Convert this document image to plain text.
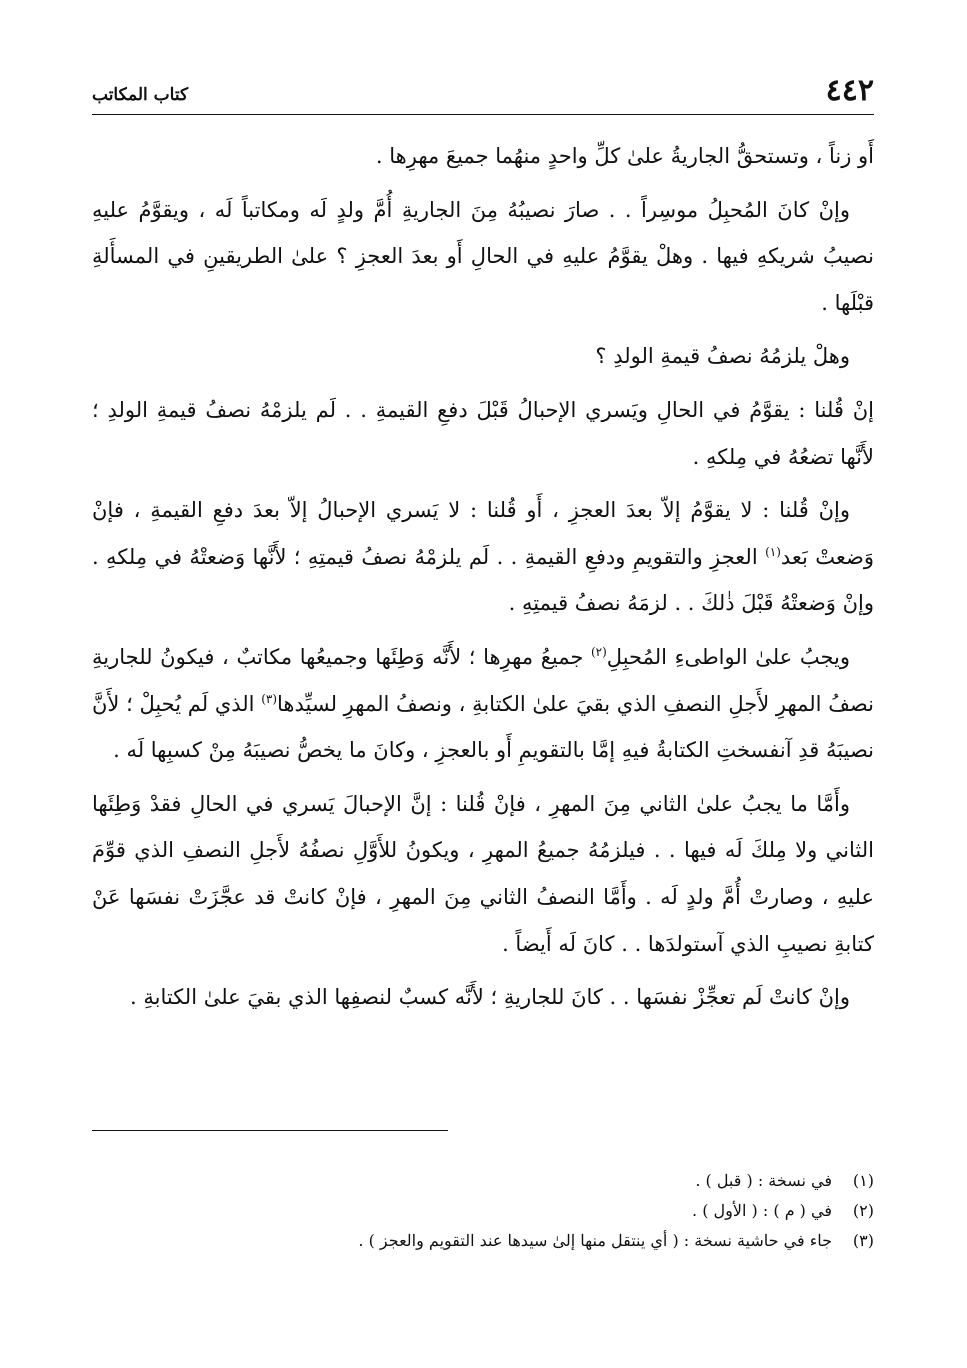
٤٤٢
كتاب المكاتب

أَو زناً ، وتستحقُّ الجاريةُ علىٰ كلِّ واحدٍ منهُما جميعَ مهرِها .

وإنْ كانَ المُحبِلُ موسِراً . . صارَ نصيبُهُ مِنَ الجاريةِ أُمَّ ولدٍ لَه ومكاتباً لَه ، ويقوَّمُ عليهِ نصيبُ شريكهِ فيها . وهلْ يقوَّمُ عليهِ في الحالِ أَو بعدَ العجزِ ؟ علىٰ الطريقينِ في المسأَلةِ قبْلَها .

وهلْ يلزمُهُ نصفُ قيمةِ الولدِ ؟

إنْ قُلنا : يقوَّمُ في الحالِ ويَسري الإحبالُ قَبْلَ دفعِ القيمةِ . . لَم يلزمْهُ نصفُ قيمةِ الولدِ ؛ لأَنَّها تضعُهُ في مِلكهِ .

وإنْ قُلنا : لا يقوَّمُ إلاّ بعدَ العجزِ ، أَو قُلنا : لا يَسري الإحبالُ إلاّ بعدَ دفعِ القيمةِ ، فإنْ وَضعتْ بَعد$^{(١)}$ العجزِ والتقويمِ ودفعِ القيمةِ . . لَم يلزمْهُ نصفُ قيمتِهِ ؛ لأَنَّها وَضعتْهُ في مِلكهِ . وإنْ وَضعتْهُ قَبْلَ ذٰلكَ . . لزمَهُ نصفُ قيمتِهِ .

ويجبُ علىٰ الواطىءِ المُحبِلِ$^{(٢)}$ جميعُ مهرِها ؛ لأَنَّه وَطِئَها وجميعُها مكاتبٌ ، فيكونُ للجاريةِ نصفُ المهرِ لأَجلِ النصفِ الذي بقيَ علىٰ الكتابةِ ، ونصفُ المهرِ لسيِّدها$^{(٣)}$ الذي لَم يُحبِلْ ؛ لأَنَّ نصيبَهُ قدِ آنفسختِ الكتابةُ فيهِ إمَّا بالتقويمِ أَو بالعجزِ ، وكانَ ما يخصُّ نصيبَهُ مِنْ كسبِها لَه .

وأَمَّا ما يجبُ علىٰ الثاني مِنَ المهرِ ، فإنْ قُلنا : إنَّ الإحبالَ يَسري في الحالِ فقدْ وَطِئَها الثاني ولا مِلكَ لَه فيها . . فيلزمُهُ جميعُ المهرِ ، ويكونُ للأَوَّلِ نصفُهُ لأَجلِ النصفِ الذي قوِّمَ عليهِ ، وصارتْ أُمَّ ولدٍ لَه . وأَمَّا النصفُ الثاني مِنَ المهرِ ، فإنْ كانتْ قد عجَّزَتْ نفسَها عَنْ كتابةِ نصيبِ الذي آستولدَها . . كانَ لَه أَيضاً .

وإنْ كانتْ لَم تعجِّزْ نفسَها . . كانَ للجاريةِ ؛ لأَنَّه كسبٌ لنصفِها الذي بقيَ علىٰ الكتابةِ .

(١)في نسخة : ( قبل ) .
(٢)في ( م ) : ( الأول ) .
(٣)جاء في حاشية نسخة : ( أي ينتقل منها إلىٰ سيدها عند التقويم والعجز ) .
